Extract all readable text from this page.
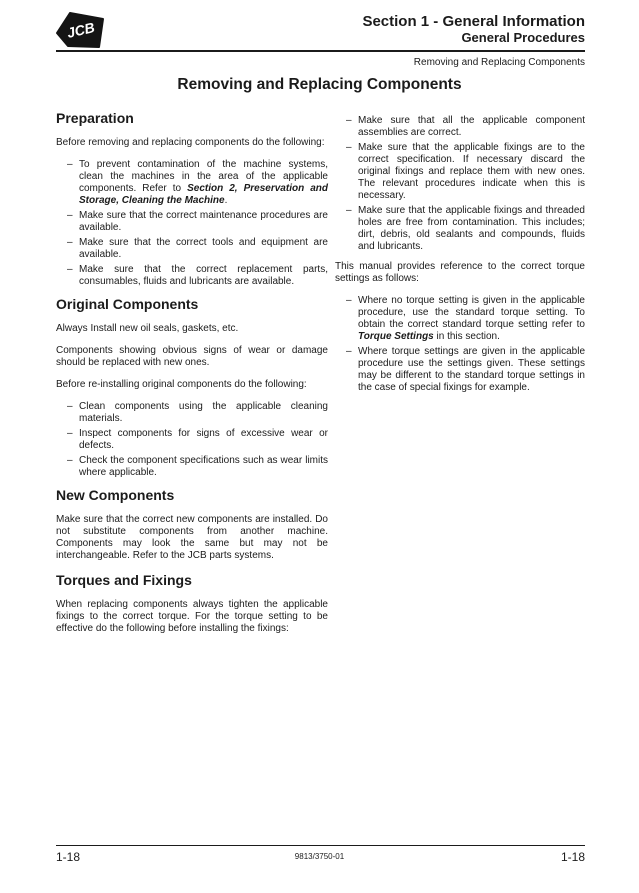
JCB	Section 1 - General Information
General Procedures
Removing and Replacing Components
Removing and Replacing Components
Preparation
Before removing and replacing components do the following:
– To prevent contamination of the machine systems, clean the machines in the area of the applicable components. Refer to Section 2, Preservation and Storage, Cleaning the Machine.
– Make sure that the correct maintenance procedures are available.
– Make sure that the correct tools and equipment are available.
– Make sure that the correct replacement parts, consumables, fluids and lubricants are available.
Original Components
Always Install new oil seals, gaskets, etc.
Components showing obvious signs of wear or damage should be replaced with new ones.
Before re-installing original components do the following:
– Clean components using the applicable cleaning materials.
– Inspect components for signs of excessive wear or defects.
– Check the component specifications such as wear limits where applicable.
New Components
Make sure that the correct new components are installed. Do not substitute components from another machine. Components may look the same but may not be interchangeable. Refer to the JCB parts systems.
Torques and Fixings
When replacing components always tighten the applicable fixings to the correct torque. For the torque setting to be effective do the following before installing the fixings:
– Make sure that all the applicable component assemblies are correct.
– Make sure that the applicable fixings are to the correct specification. If necessary discard the original fixings and replace them with new ones. The relevant procedures indicate when this is necessary.
– Make sure that the applicable fixings and threaded holes are free from contamination. This includes; dirt, debris, old sealants and compounds, fluids and lubricants.
This manual provides reference to the correct torque settings as follows:
– Where no torque setting is given in the applicable procedure, use the standard torque setting. To obtain the correct standard torque setting refer to Torque Settings in this section.
– Where torque settings are given in the applicable procedure use the settings given. These settings may be different to the standard torque settings in the case of special fixings for example.
1-18	9813/3750-01	1-18
